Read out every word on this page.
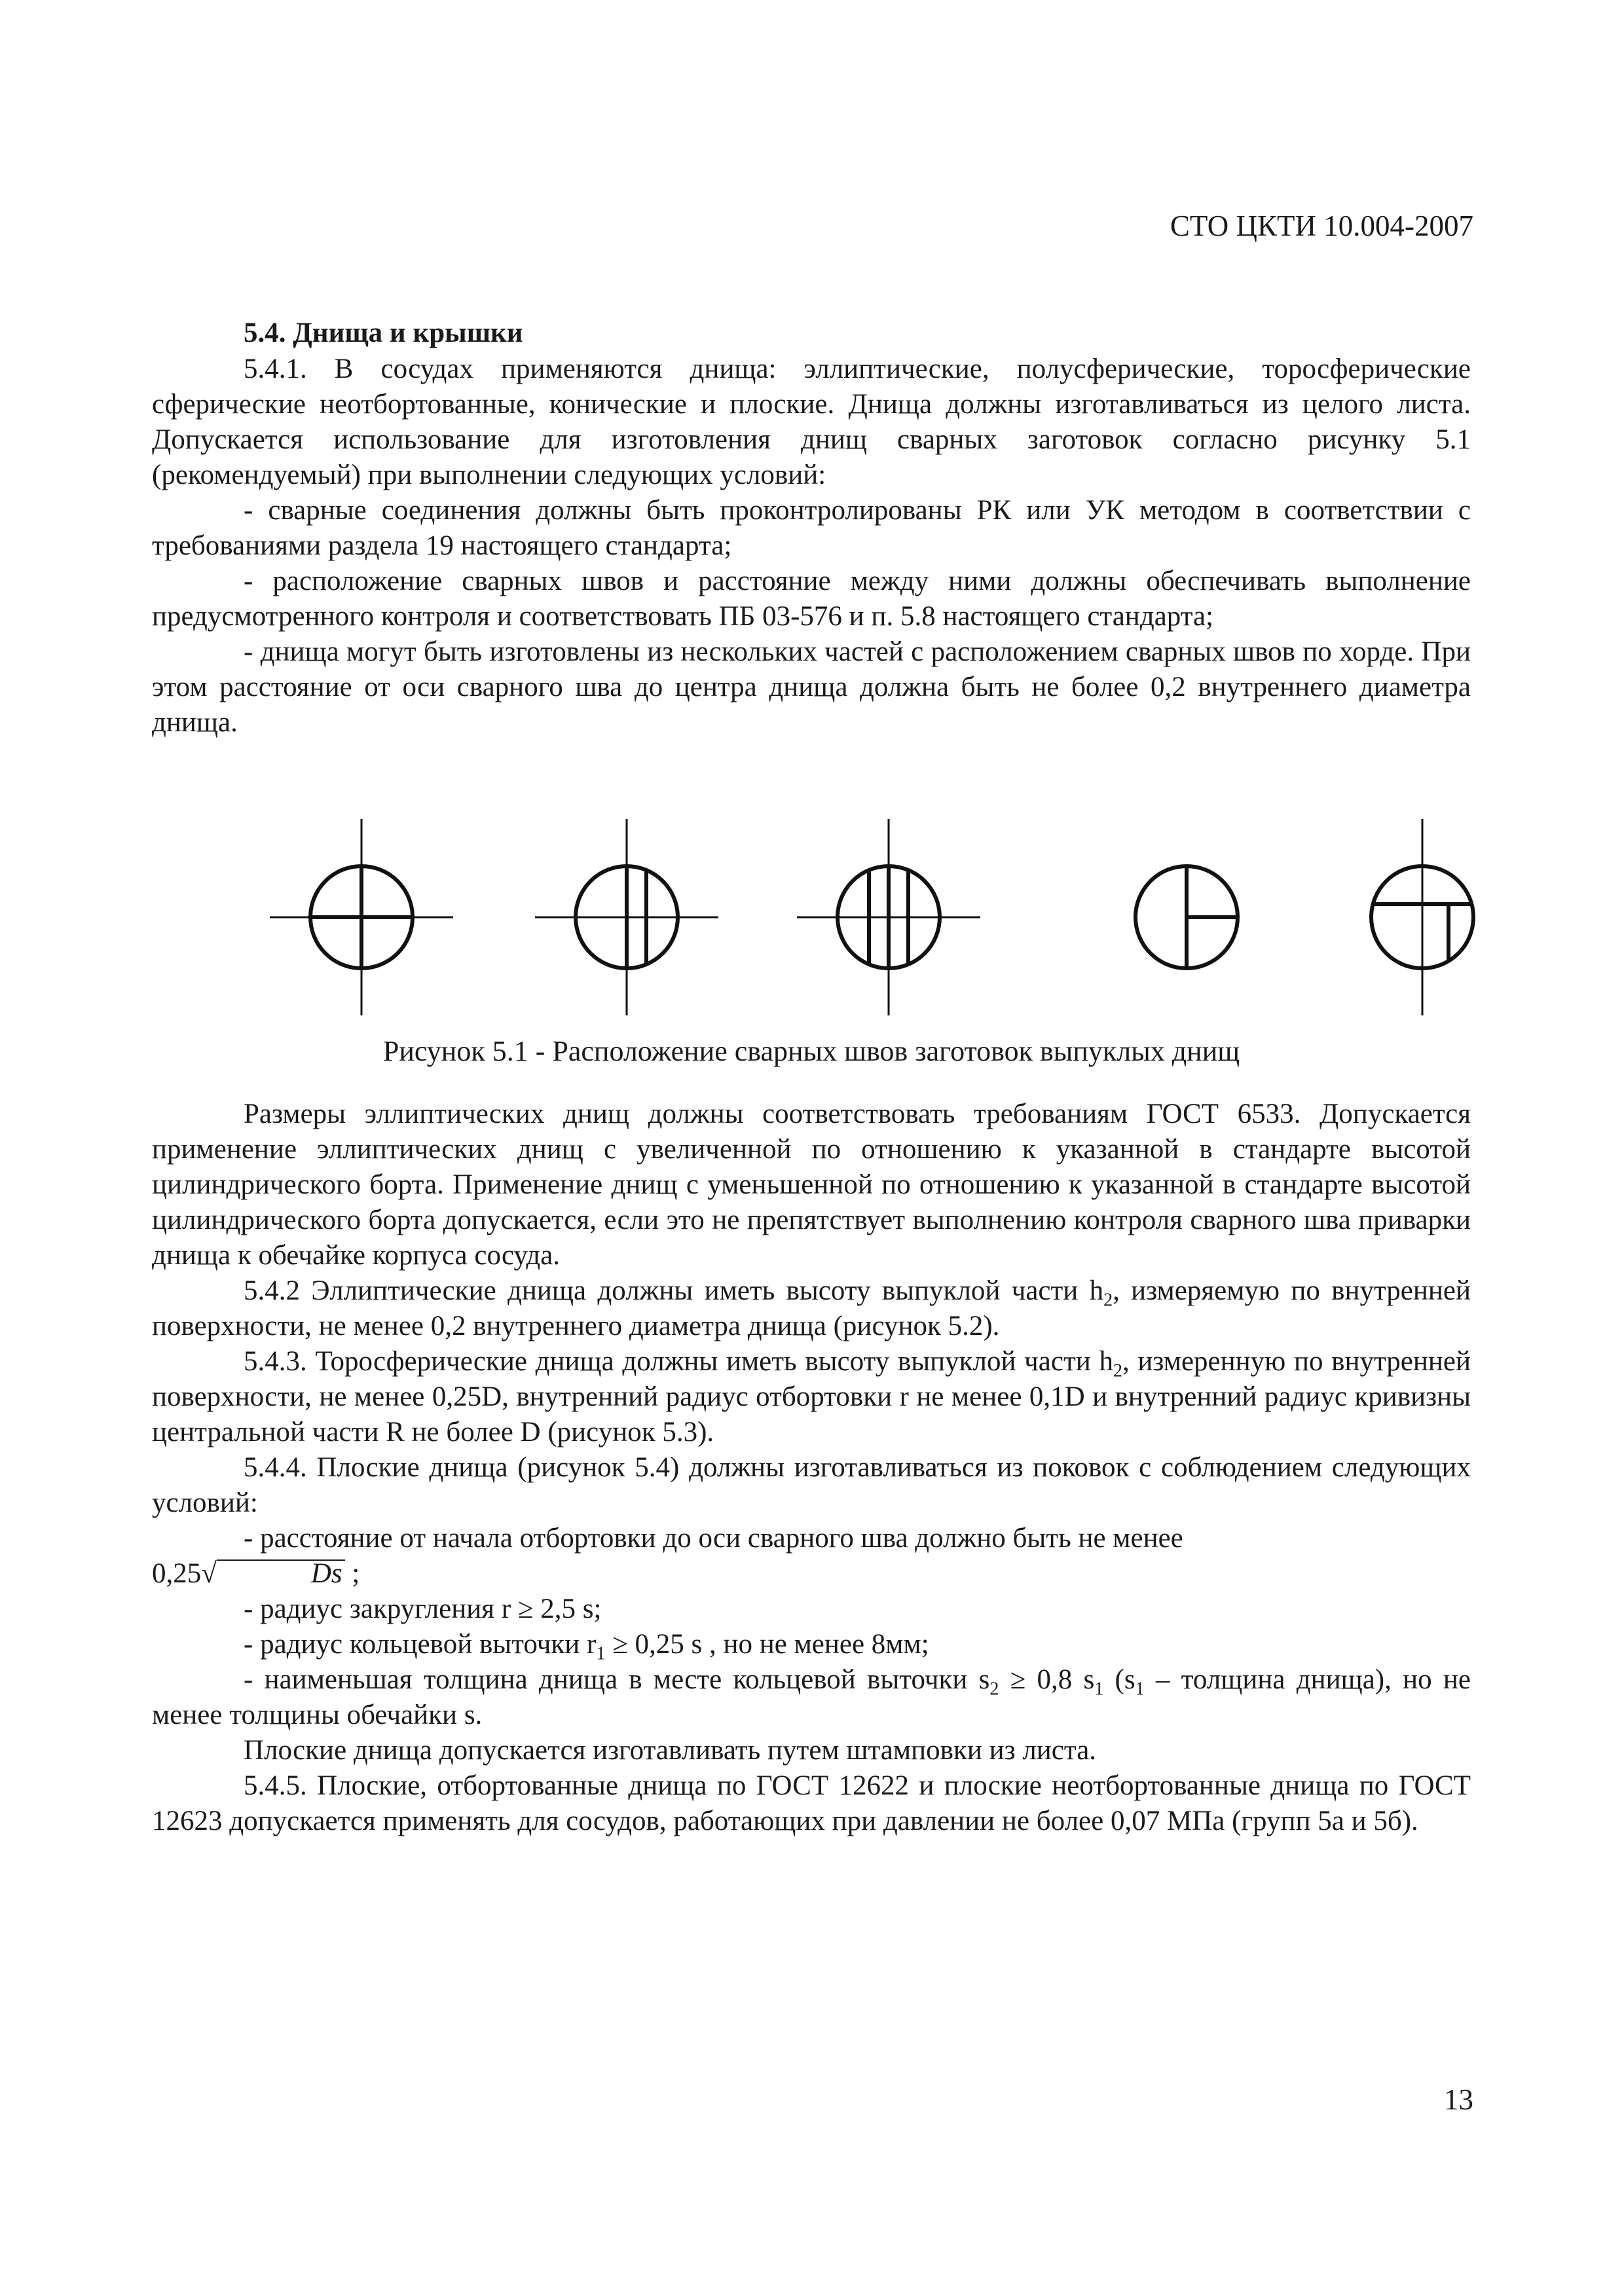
СТО ЦКТИ 10.004-2007
5.4. Днища и крышки

5.4.1. В сосудах применяются днища: эллиптические, полусферические, торосферические сферические неотбортованные, конические и плоские. Днища должны изготавливаться из целого листа. Допускается использование для изготовления днищ сварных заготовок согласно рисунку 5.1 (рекомендуемый) при выполнении следующих условий:

- сварные соединения должны быть проконтролированы РК или УК методом в соответствии с требованиями раздела 19 настоящего стандарта;

- расположение сварных швов и расстояние между ними должны обеспечивать выполнение предусмотренного контроля и соответствовать ПБ 03-576 и п. 5.8 настоящего стандарта;

- днища могут быть изготовлены из нескольких частей с расположением сварных швов по хорде. При этом расстояние от оси сварного шва до центра днища должна быть не более 0,2 внутреннего диаметра днища.

Рисунок 5.1 - Расположение сварных швов заготовок выпуклых днищ

Размеры эллиптических днищ должны соответствовать требованиям ГОСТ 6533. Допускается применение эллиптических днищ с увеличенной по отношению к указанной в стандарте высотой цилиндрического борта. Применение днищ с уменьшенной по отношению к указанной в стандарте высотой цилиндрического борта допускается, если это не препятствует выполнению контроля сварного шва приварки днища к обечайке корпуса сосуда.

5.4.2 Эллиптические днища должны иметь высоту выпуклой части $h_2$, измеряемую по внутренней поверхности, не менее 0,2 внутреннего диаметра днища (рисунок 5.2).

5.4.3. Торосферические днища должны иметь высоту выпуклой части $h_2$, измеренную по внутренней поверхности, не менее 0,25D, внутренний радиус отбортовки r не менее 0,1D и внутренний радиус кривизны центральной части R не более D (рисунок 5.3).

5.4.4. Плоские днища (рисунок 5.4) должны изготавливаться из поковок с соблюдением следующих условий:

- расстояние от начала отбортовки до оси сварного шва должно быть не менее
0,25√	Ds ;

- радиус закругления r ≥ 2,5 s;

- радиус кольцевой выточки $r_1 \ge 0,25$ s , но не менее 8мм;

- наименьшая толщина днища в месте кольцевой выточки $s_2 \ge 0,8$ $s_1$ ($s_1$ – толщина днища), но не менее толщины обечайки s.

Плоские днища допускается изготавливать путем штамповки из листа.

5.4.5. Плоские, отбортованные днища по ГОСТ 12622 и плоские неотбортованные днища по ГОСТ 12623 допускается применять для сосудов, работающих при давлении не более 0,07 МПа (групп 5а и 5б).

13
